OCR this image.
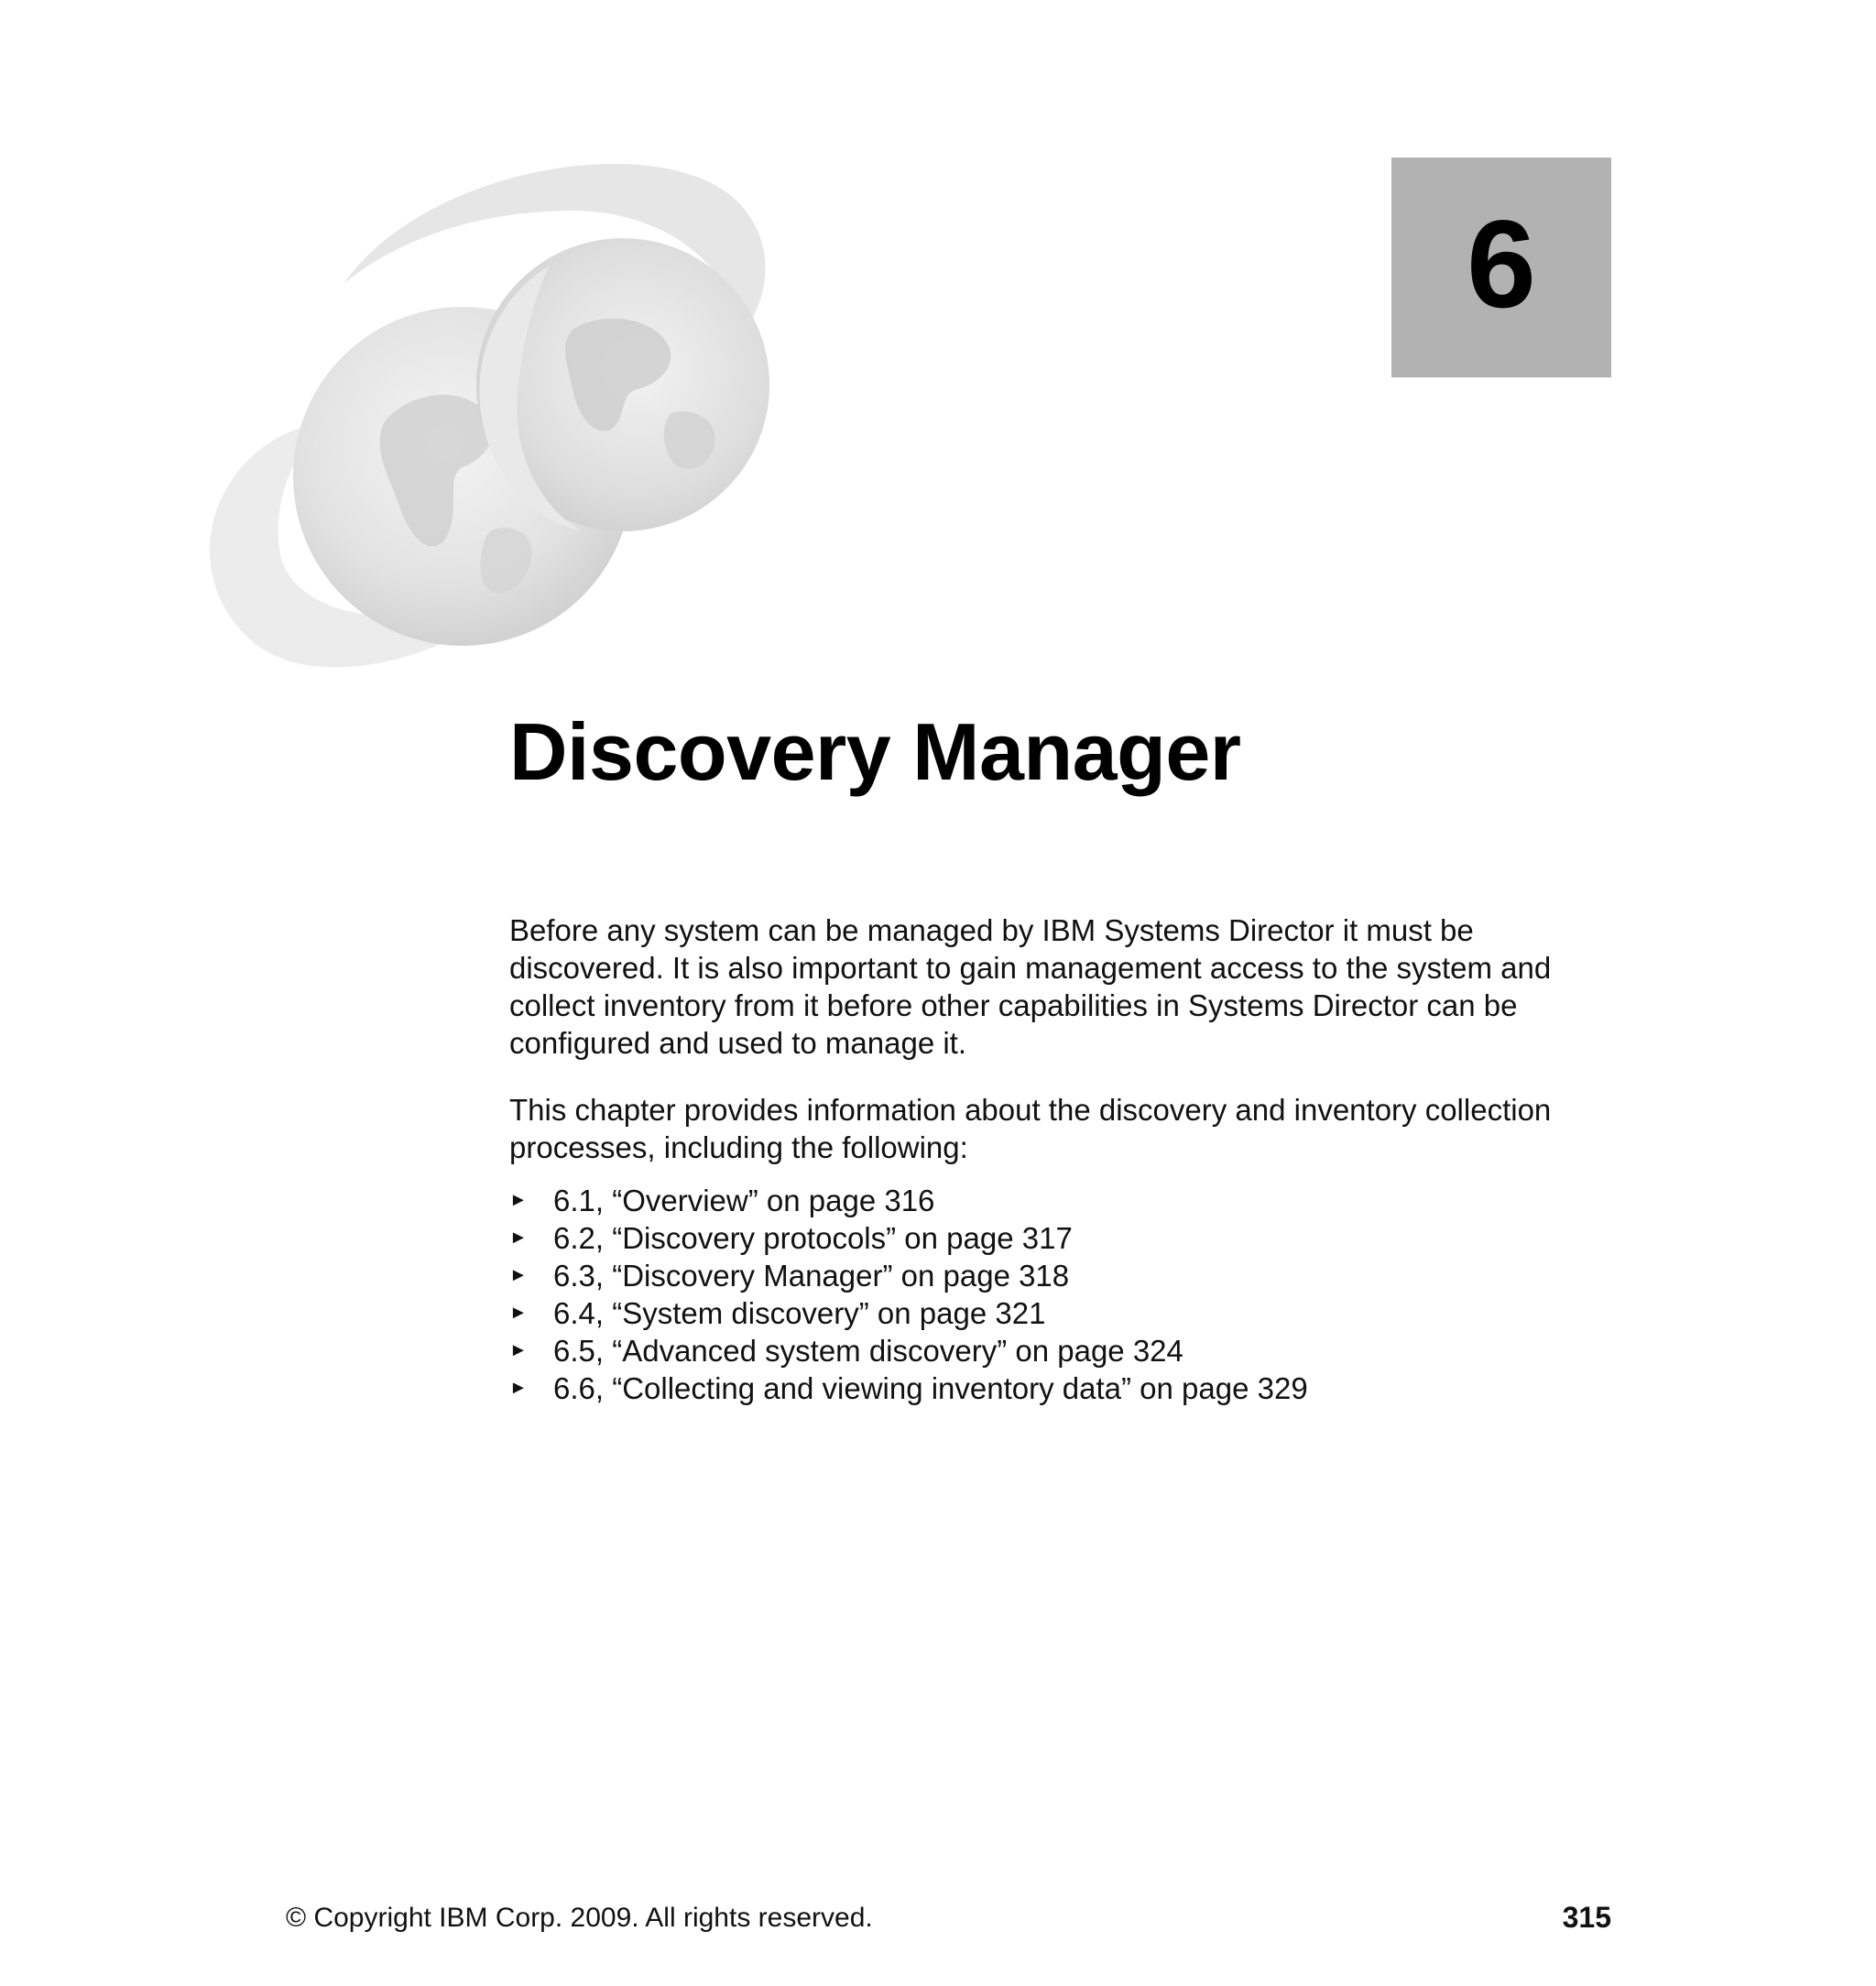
6
Discovery Manager

Before any system can be managed by IBM Systems Director it must be discovered. It is also important to gain management access to the system and collect inventory from it before other capabilities in Systems Director can be configured and used to manage it.

This chapter provides information about the discovery and inventory collection processes, including the following:

► 6.1, “Overview” on page 316
► 6.2, “Discovery protocols” on page 317
► 6.3, “Discovery Manager” on page 318
► 6.4, “System discovery” on page 321
► 6.5, “Advanced system discovery” on page 324
► 6.6, “Collecting and viewing inventory data” on page 329
© Copyright IBM Corp. 2009. All rights reserved.	315
